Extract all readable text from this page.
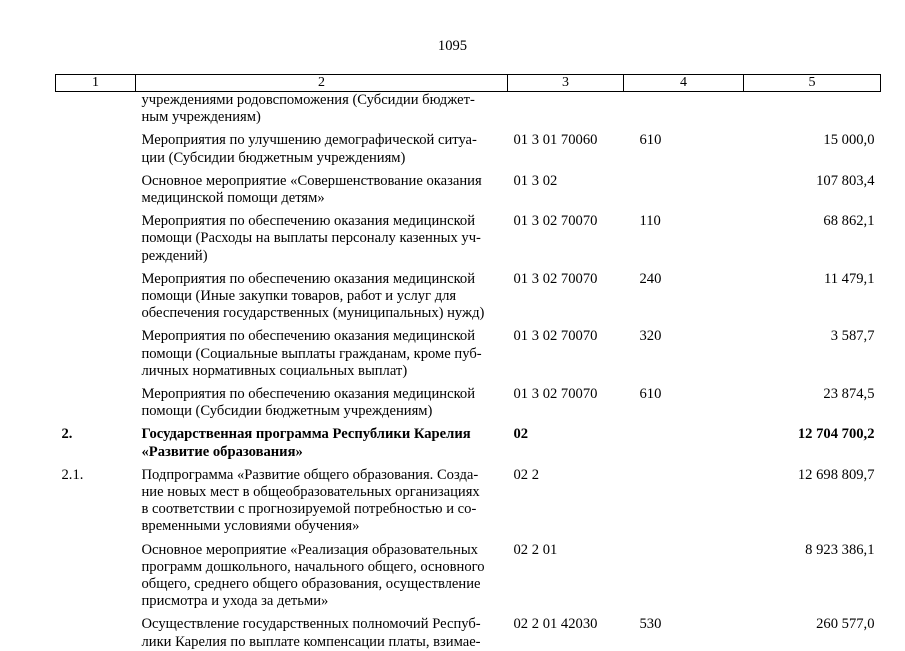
1095
1	2	3	4	5
	учреждениями родовспоможения (Субсидии бюджет-
ным учреждениям)			
	Мероприятия по улучшению демографической ситуа-
ции (Субсидии бюджетным учреждениям)	01 3 01 70060	610	15 000,0
	Основное мероприятие «Совершенствование оказания
медицинской помощи детям»	01 3 02		107 803,4
	Мероприятия по обеспечению оказания медицинской
помощи (Расходы на выплаты персоналу казенных уч-
реждений)	01 3 02 70070	110	68 862,1
	Мероприятия по обеспечению оказания медицинской
помощи (Иные закупки товаров, работ и услуг для
обеспечения государственных (муниципальных) нужд)	01 3 02 70070	240	11 479,1
	Мероприятия по обеспечению оказания медицинской
помощи (Социальные выплаты гражданам, кроме пуб-
личных нормативных социальных выплат)	01 3 02 70070	320	3 587,7
	Мероприятия по обеспечению оказания медицинской
помощи (Субсидии бюджетным учреждениям)	01 3 02 70070	610	23 874,5
2.	Государственная программа Республики Карелия
«Развитие образования»	02		12 704 700,2
2.1.	Подпрограмма «Развитие общего образования. Созда-
ние новых мест в общеобразовательных организациях
в соответствии с прогнозируемой потребностью и со-
временными условиями обучения»	02 2		12 698 809,7
	Основное мероприятие «Реализация образовательных
программ дошкольного, начального общего, основного
общего, среднего общего образования, осуществление
присмотра и ухода за детьми»	02 2 01		8 923 386,1
	Осуществление государственных полномочий Респуб-
лики Карелия по выплате компенсации платы, взимае-	02 2 01 42030	530	260 577,0
